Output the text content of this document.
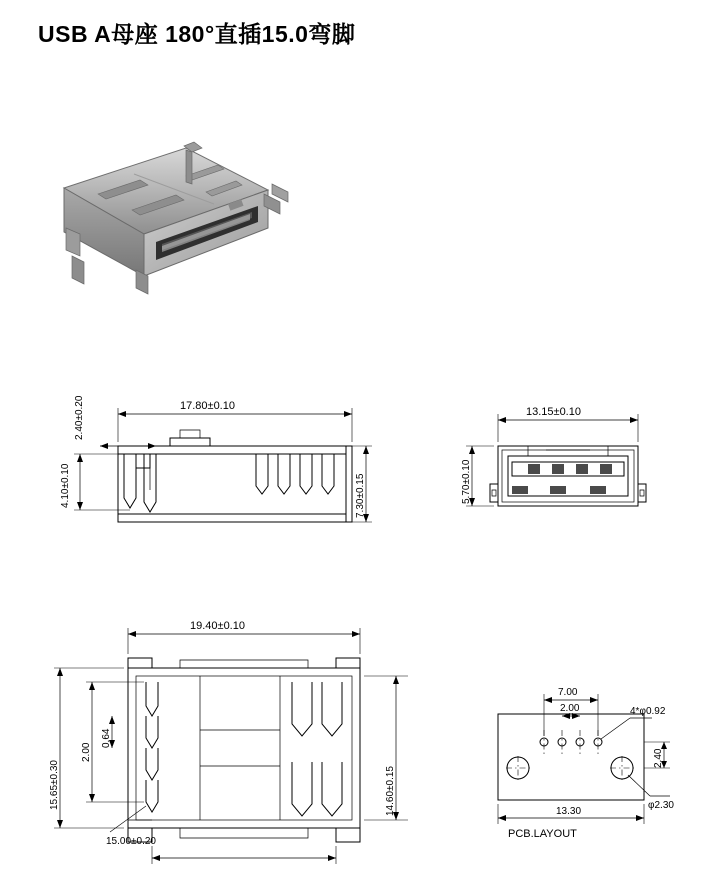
USB A母座 180°直插15.0弯脚
17.80±0.10
2.40±0.20
4.10±0.10	7.30±0.15
13.15±0.10
5.70±0.10
19.40±0.10
15.65±0.30
2.00
0.64
15.00±0.20
14.60±0.15
7.00
2.00	4*φ0.92
φ2.30
2.40
13.30
PCB.LAYOUT
